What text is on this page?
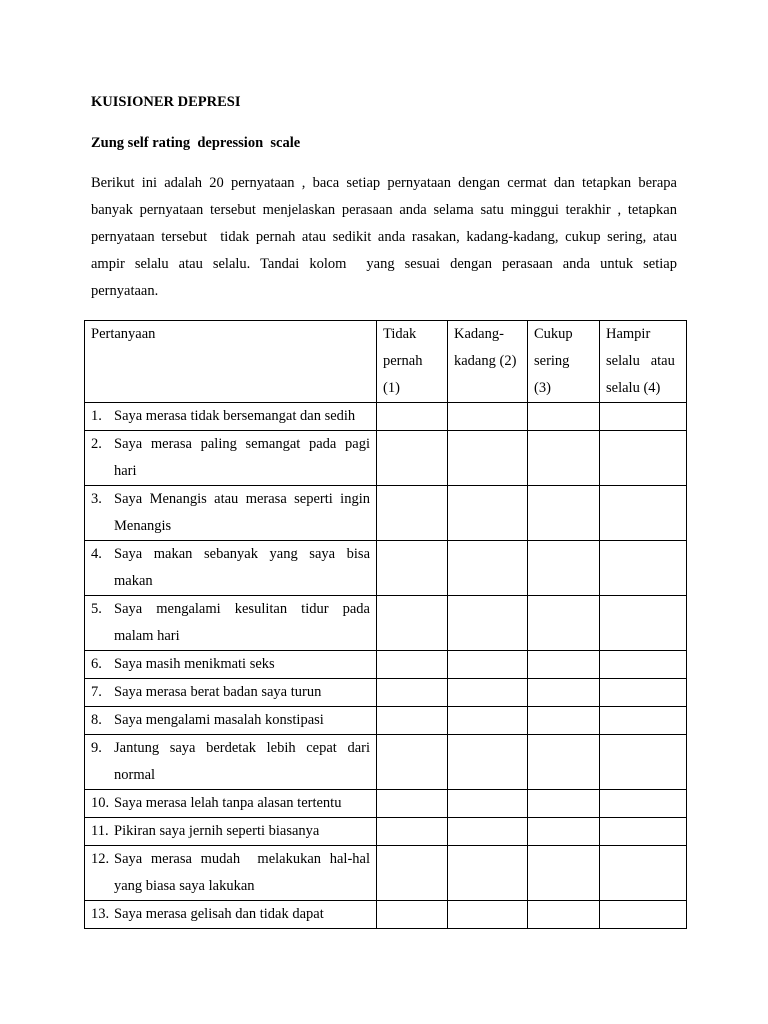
KUISIONER DEPRESI

Zung self rating  depression  scale

Berikut ini adalah 20 pernyataan , baca setiap pernyataan dengan cermat dan tetapkan berapa
banyak pernyataan tersebut menjelaskan perasaan anda selama satu minggui terakhir , tetapkan
pernyataan tersebut  tidak pernah atau sedikit anda rasakan, kadang-kadang, cukup sering, atau
ampir selalu atau selalu. Tandai kolom  yang sesuai dengan perasaan anda untuk setiap
pernyataan.
Pertanyaan	Tidak
pernah
(1)	Kadang-
kadang (2)	Cukup
sering
(3)	Hampir
selalu   atau
selalu (4)

1. Saya merasa tidak bersemangat dan sedih				

2. Saya merasa paling semangat pada pagi
hari				

3. Saya Menangis atau merasa seperti ingin
Menangis				

4. Saya makan sebanyak yang saya bisa
makan				

5. Saya mengalami kesulitan tidur pada
malam hari				

6. Saya masih menikmati seks				

7. Saya merasa berat badan saya turun				

8. Saya mengalami masalah konstipasi				

9. Jantung saya berdetak lebih cepat dari
normal				

10. Saya merasa lelah tanpa alasan tertentu				

11. Pikiran saya jernih seperti biasanya				

12. Saya merasa mudah  melakukan hal-hal
yang biasa saya lakukan				

13. Saya merasa gelisah dan tidak dapat				
